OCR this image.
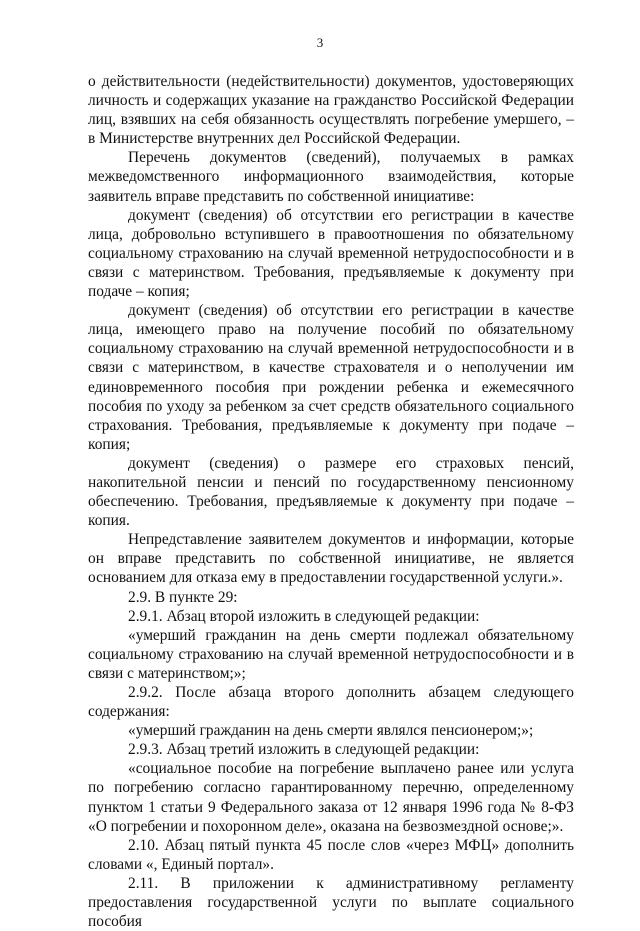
3

о действительности (недействительности) документов, удостоверяющих личность и содержащих указание на гражданство Российской Федерации лиц, взявших на себя обязанность осуществлять погребение умершего, – в Министерстве внутренних дел Российской Федерации.

Перечень документов (сведений), получаемых в рамках межведомственного информационного взаимодействия, которые заявитель вправе представить по собственной инициативе:

документ (сведения) об отсутствии его регистрации в качестве лица, добровольно вступившего в правоотношения по обязательному социальному страхованию на случай временной нетрудоспособности и в связи с материнством. Требования, предъявляемые к документу при подаче – копия;

документ (сведения) об отсутствии его регистрации в качестве лица, имеющего право на получение пособий по обязательному социальному страхованию на случай временной нетрудоспособности и в связи с материнством, в качестве страхователя и о неполучении им единовременного пособия при рождении ребенка и ежемесячного пособия по уходу за ребенком за счет средств обязательного социального страхования. Требования, предъявляемые к документу при подаче – копия;

документ (сведения) о размере его страховых пенсий, накопительной пенсии и пенсий по государственному пенсионному обеспечению. Требования, предъявляемые к документу при подаче – копия.

Непредставление заявителем документов и информации, которые он вправе представить по собственной инициативе, не является основанием для отказа ему в предоставлении государственной услуги.».

2.9. В пункте 29:

2.9.1. Абзац второй изложить в следующей редакции:

«умерший гражданин на день смерти подлежал обязательному социальному страхованию на случай временной нетрудоспособности и в связи с материнством;»;

2.9.2. После абзаца второго дополнить абзацем следующего содержания:

«умерший гражданин на день смерти являлся пенсионером;»;

2.9.3. Абзац третий изложить в следующей редакции:

«социальное пособие на погребение выплачено ранее или услуга по погребению согласно гарантированному перечню, определенному пунктом 1 статьи 9 Федерального заказа от 12 января 1996 года № 8-ФЗ «О погребении и похоронном деле», оказана на безвозмездной основе;».

2.10. Абзац пятый пункта 45 после слов «через МФЦ» дополнить словами «, Единый портал».

2.11. В приложении к административному регламенту предоставления государственной услуги по выплате социального пособия
